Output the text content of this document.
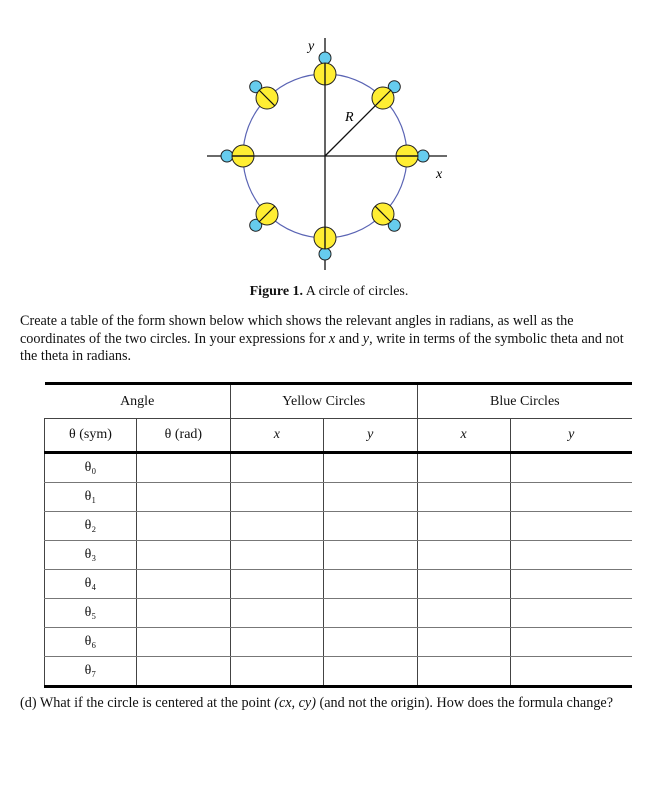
y
R
x
Figure 1. A circle of circles.
Create a table of the form shown below which shows the relevant angles in radians, as well as the coordinates of the two circles. In your expressions for x and y, write in terms of the symbolic theta and not the theta in radians.
Angle		Yellow Circles		Blue Circles	
θ (sym)	θ (rad)	x	y	x	y
θ₀					
θ₁					
θ₂					
θ₃					
θ₄					
θ₅					
θ₆					
θ₇					
(d) What if the circle is centered at the point (cx, cy) (and not the origin). How does the formula change?
